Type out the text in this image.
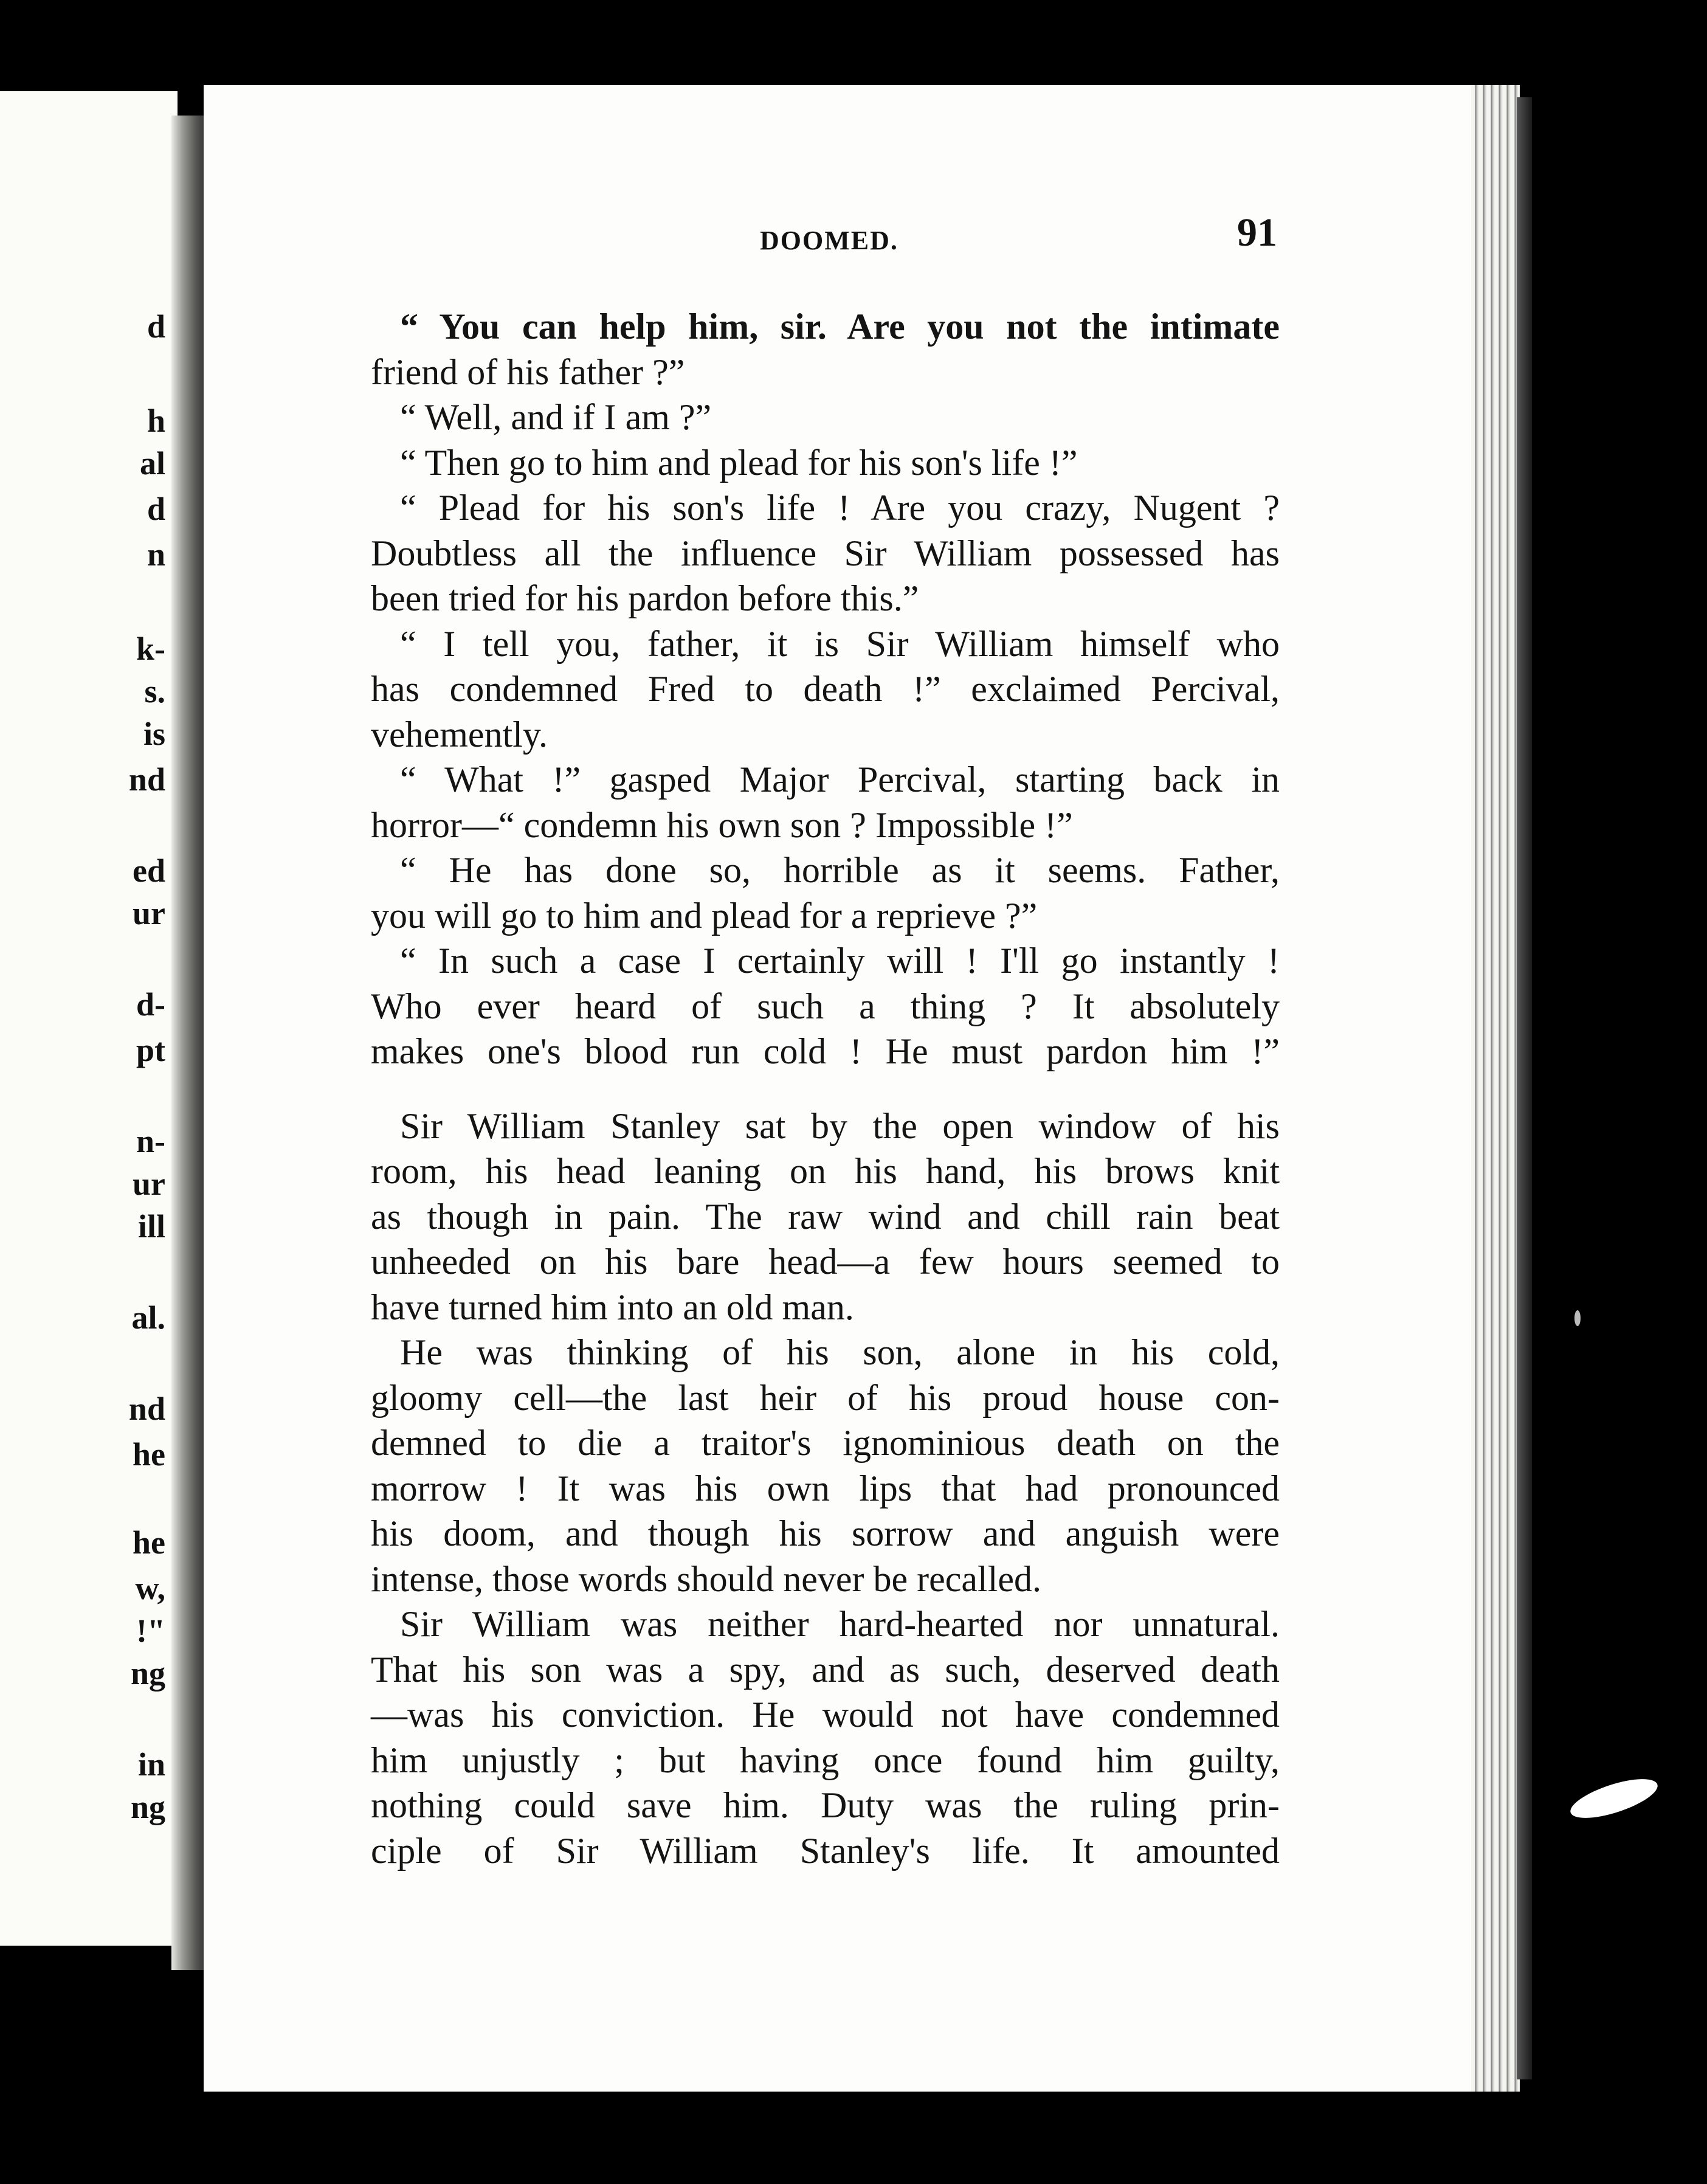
d
h
al
d
n
k-
s.
is
nd
ed
ur
d-
pt
n-
ur
ill
al.
nd
he
he
w,
!"
ng
in
ng
DOOMED.	91
“ You can help him, sir. Are you not the intimate
friend of his father ?”
“ Well, and if I am ?”
“ Then go to him and plead for his son's life !”
“ Plead for his son's life ! Are you crazy, Nugent ?
Doubtless all the influence Sir William possessed has
been tried for his pardon before this.”
“ I tell you, father, it is Sir William himself who
has condemned Fred to death !” exclaimed Percival,
vehemently.
“ What !” gasped Major Percival, starting back in
horror—“ condemn his own son ? Impossible !”
“ He has done so, horrible as it seems. Father,
you will go to him and plead for a reprieve ?”
“ In such a case I certainly will ! I'll go instantly !
Who ever heard of such a thing ? It absolutely
makes one's blood run cold ! He must pardon him !”
Sir William Stanley sat by the open window of his
room, his head leaning on his hand, his brows knit
as though in pain. The raw wind and chill rain beat
unheeded on his bare head—a few hours seemed to
have turned him into an old man.
He was thinking of his son, alone in his cold,
gloomy cell—the last heir of his proud house con-
demned to die a traitor's ignominious death on the
morrow ! It was his own lips that had pronounced
his doom, and though his sorrow and anguish were
intense, those words should never be recalled.
Sir William was neither hard-hearted nor unnatural.
That his son was a spy, and as such, deserved death
—was his conviction. He would not have condemned
him unjustly ; but having once found him guilty,
nothing could save him. Duty was the ruling prin-
ciple of Sir William Stanley's life. It amounted
